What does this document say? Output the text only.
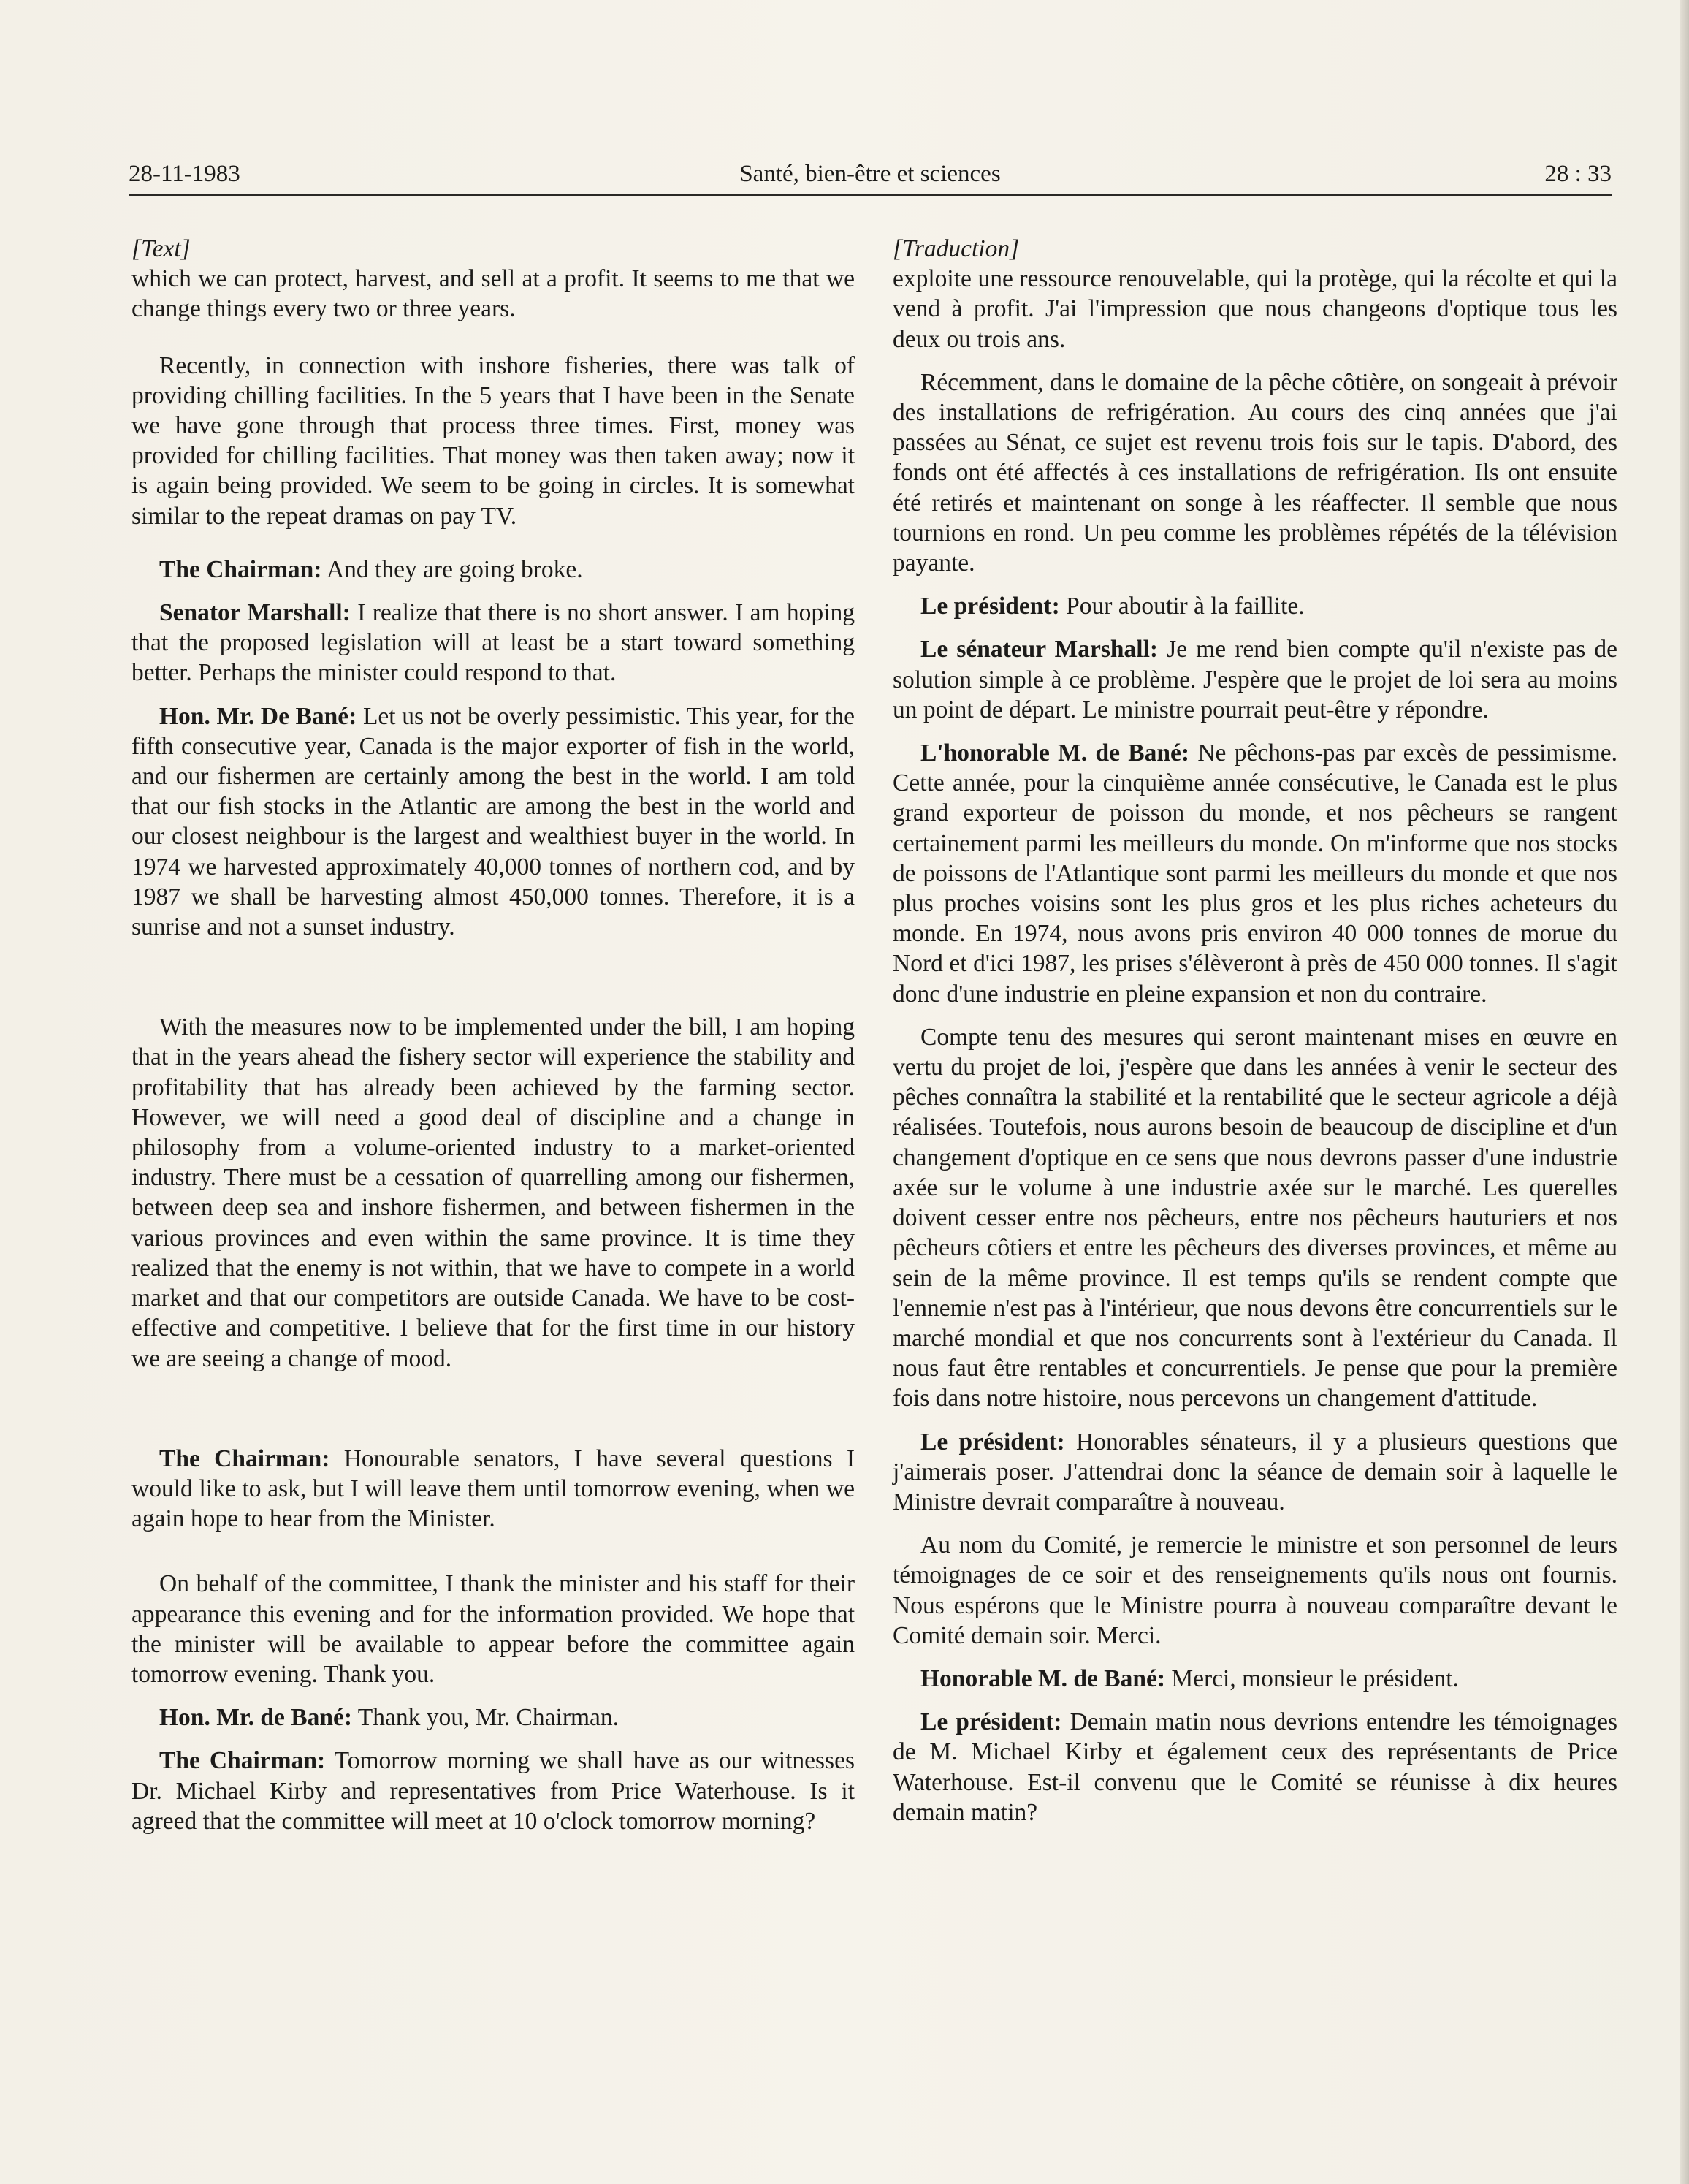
28-11-1983	Santé, bien-être et sciences	28 : 33

[Text]

which we can protect, harvest, and sell at a profit. It seems to me that we change things every two or three years.

Recently, in connection with inshore fisheries, there was talk of providing chilling facilities. In the 5 years that I have been in the Senate we have gone through that process three times. First, money was provided for chilling facilities. That money was then taken away; now it is again being provided. We seem to be going in circles. It is somewhat similar to the repeat dramas on pay TV.

The Chairman: And they are going broke.

Senator Marshall: I realize that there is no short answer. I am hoping that the proposed legislation will at least be a start toward something better. Perhaps the minister could respond to that.

Hon. Mr. De Bané: Let us not be overly pessimistic. This year, for the fifth consecutive year, Canada is the major exporter of fish in the world, and our fishermen are certainly among the best in the world. I am told that our fish stocks in the Atlantic are among the best in the world and our closest neighbour is the largest and wealthiest buyer in the world. In 1974 we harvested approximately 40,000 tonnes of northern cod, and by 1987 we shall be harvesting almost 450,000 tonnes. Therefore, it is a sunrise and not a sunset industry.

With the measures now to be implemented under the bill, I am hoping that in the years ahead the fishery sector will experience the stability and profitability that has already been achieved by the farming sector. However, we will need a good deal of discipline and a change in philosophy from a volume-oriented industry to a market-oriented industry. There must be a cessation of quarrelling among our fishermen, between deep sea and inshore fishermen, and between fishermen in the various provinces and even within the same province. It is time they realized that the enemy is not within, that we have to compete in a world market and that our competitors are outside Canada. We have to be cost-effective and competitive. I believe that for the first time in our history we are seeing a change of mood.

The Chairman: Honourable senators, I have several questions I would like to ask, but I will leave them until tomorrow evening, when we again hope to hear from the Minister.

On behalf of the committee, I thank the minister and his staff for their appearance this evening and for the information provided. We hope that the minister will be available to appear before the committee again tomorrow evening. Thank you.

Hon. Mr. de Bané: Thank you, Mr. Chairman.

The Chairman: Tomorrow morning we shall have as our witnesses Dr. Michael Kirby and representatives from Price Waterhouse. Is it agreed that the committee will meet at 10 o'clock tomorrow morning?

[Traduction]

exploite une ressource renouvelable, qui la protège, qui la récolte et qui la vend à profit. J'ai l'impression que nous changeons d'optique tous les deux ou trois ans.

Récemment, dans le domaine de la pêche côtière, on songeait à prévoir des installations de refrigération. Au cours des cinq années que j'ai passées au Sénat, ce sujet est revenu trois fois sur le tapis. D'abord, des fonds ont été affectés à ces installations de refrigération. Ils ont ensuite été retirés et maintenant on songe à les réaffecter. Il semble que nous tournions en rond. Un peu comme les problèmes répétés de la télévision payante.

Le président: Pour aboutir à la faillite.

Le sénateur Marshall: Je me rend bien compte qu'il n'existe pas de solution simple à ce problème. J'espère que le projet de loi sera au moins un point de départ. Le ministre pourrait peut-être y répondre.

L'honorable M. de Bané: Ne pêchons-pas par excès de pessimisme. Cette année, pour la cinquième année consécutive, le Canada est le plus grand exporteur de poisson du monde, et nos pêcheurs se rangent certainement parmi les meilleurs du monde. On m'informe que nos stocks de poissons de l'Atlantique sont parmi les meilleurs du monde et que nos plus proches voisins sont les plus gros et les plus riches acheteurs du monde. En 1974, nous avons pris environ 40 000 tonnes de morue du Nord et d'ici 1987, les prises s'élèveront à près de 450 000 tonnes. Il s'agit donc d'une industrie en pleine expansion et non du contraire.

Compte tenu des mesures qui seront maintenant mises en œuvre en vertu du projet de loi, j'espère que dans les années à venir le secteur des pêches connaîtra la stabilité et la rentabilité que le secteur agricole a déjà réalisées. Toutefois, nous aurons besoin de beaucoup de discipline et d'un changement d'optique en ce sens que nous devrons passer d'une industrie axée sur le volume à une industrie axée sur le marché. Les querelles doivent cesser entre nos pêcheurs, entre nos pêcheurs hauturiers et nos pêcheurs côtiers et entre les pêcheurs des diverses provinces, et même au sein de la même province. Il est temps qu'ils se rendent compte que l'ennemie n'est pas à l'intérieur, que nous devons être concurrentiels sur le marché mondial et que nos concurrents sont à l'extérieur du Canada. Il nous faut être rentables et concurrentiels. Je pense que pour la première fois dans notre histoire, nous percevons un changement d'attitude.

Le président: Honorables sénateurs, il y a plusieurs questions que j'aimerais poser. J'attendrai donc la séance de demain soir à laquelle le Ministre devrait comparaître à nouveau.

Au nom du Comité, je remercie le ministre et son personnel de leurs témoignages de ce soir et des renseignements qu'ils nous ont fournis. Nous espérons que le Ministre pourra à nouveau comparaître devant le Comité demain soir. Merci.

Honorable M. de Bané: Merci, monsieur le président.

Le président: Demain matin nous devrions entendre les témoignages de M. Michael Kirby et également ceux des représentants de Price Waterhouse. Est-il convenu que le Comité se réunisse à dix heures demain matin?
